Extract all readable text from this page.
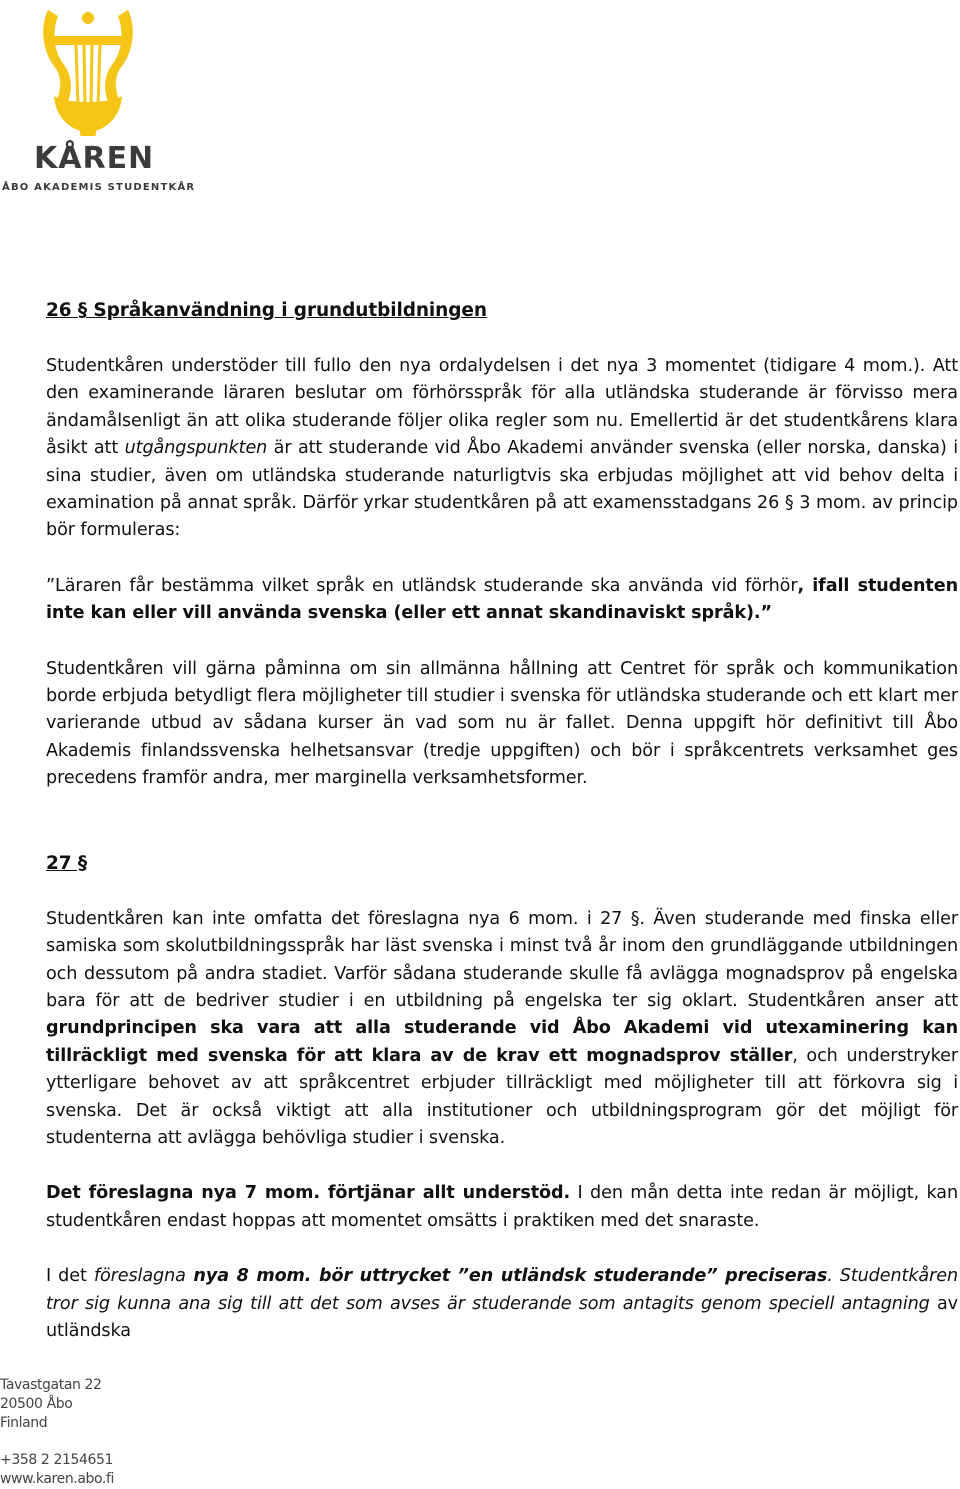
KÅREN
ÅBO AKADEMIS STUDENTKÅR
26 § Språkanvändning i grundutbildningen

Studentkåren understöder till fullo den nya ordalydelsen i det nya 3 momentet (tidigare 4 mom.). Att den examinerande läraren beslutar om förhörsspråk för alla utländska studerande är förvisso mera ändamålsenligt än att olika studerande följer olika regler som nu. Emellertid är det studentkårens klara åsikt att utgångspunkten är att studerande vid Åbo Akademi använder svenska (eller norska, danska) i sina studier, även om utländska studerande naturligtvis ska erbjudas möjlighet att vid behov delta i examination på annat språk. Därför yrkar studentkåren på att examensstadgans 26 § 3 mom. av princip bör formuleras:

”Läraren får bestämma vilket språk en utländsk studerande ska använda vid förhör, ifall studenten inte kan eller vill använda svenska (eller ett annat skandinaviskt språk).”

Studentkåren vill gärna påminna om sin allmänna hållning att Centret för språk och kommunikation borde erbjuda betydligt flera möjligheter till studier i svenska för utländska studerande och ett klart mer varierande utbud av sådana kurser än vad som nu är fallet. Denna uppgift hör definitivt till Åbo Akademis finlandssvenska helhetsansvar (tredje uppgiften) och bör i språkcentrets verksamhet ges precedens framför andra, mer marginella verksamhetsformer.

27 §

Studentkåren kan inte omfatta det föreslagna nya 6 mom. i 27 §. Även studerande med finska eller samiska som skolutbildningsspråk har läst svenska i minst två år inom den grundläggande utbildningen och dessutom på andra stadiet. Varför sådana studerande skulle få avlägga mognadsprov på engelska bara för att de bedriver studier i en utbildning på engelska ter sig oklart. Studentkåren anser att grundprincipen ska vara att alla studerande vid Åbo Akademi vid utexaminering kan tillräckligt med svenska för att klara av de krav ett mognadsprov ställer, och understryker ytterligare behovet av att språkcentret erbjuder tillräckligt med möjligheter till att förkovra sig i svenska. Det är också viktigt att alla institutioner och utbildningsprogram gör det möjligt för studenterna att avlägga behövliga studier i svenska.

Det föreslagna nya 7 mom. förtjänar allt understöd. I den mån detta inte redan är möjligt, kan studentkåren endast hoppas att momentet omsätts i praktiken med det snaraste.

I det föreslagna nya 8 mom. bör uttrycket ”en utländsk studerande” preciseras. Studentkåren tror sig kunna ana sig till att det som avses är studerande som antagits genom speciell antagning av utländska

Tavastgatan 22
20500 Åbo
Finland
+358 2 2154651
www.karen.abo.fi
